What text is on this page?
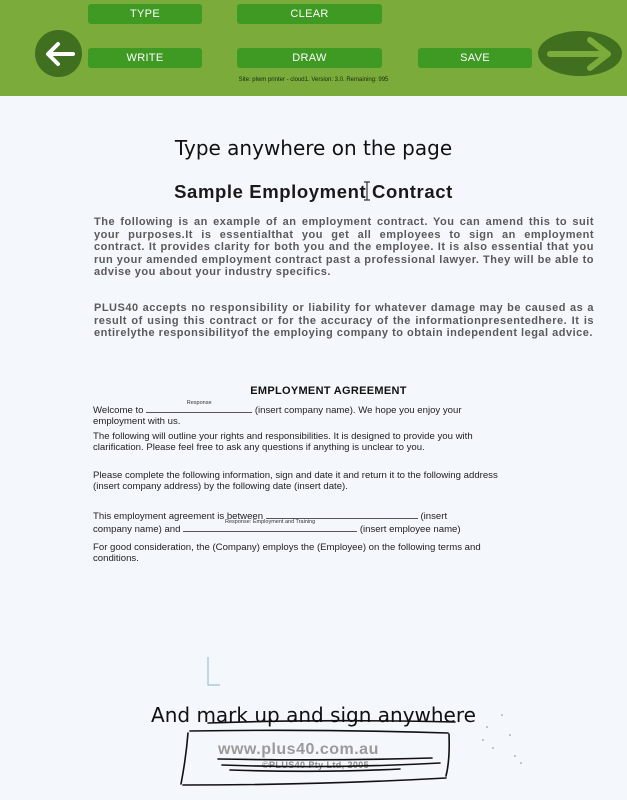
TYPE	CLEAR
WRITE	DRAW	SAVE
Site: plwm printer - cloud1. Version: 3.0. Remaining: 995
Type anywhere on the page
Sample Employment Contract

The following is an example of an employment contract. You can amend this to suit your purposes.It is essentialthat you get all employees to sign an employment contract. It provides clarity for both you and the employee. It is also essential that you run your amended employment contract past a professional lawyer. They will be able to advise you about your industry specifics.

PLUS40 accepts no responsibility or liability for whatever damage may be caused as a result of using this contract or for the accuracy of the informationpresentedhere. It is entirelythe responsibilityof the employing company to obtain independent legal advice.

EMPLOYMENT AGREEMENT

Welcome to
Response
(insert company name). We hope you enjoy your employment with us.

The following will outline your rights and responsibilities. It is designed to provide you with clarification. Please feel free to ask any questions if anything is unclear to you.

Please complete the following information, sign and date it and return it to the following address (insert company address) by the following date (insert date).

This employment agreement is between	(insert
company name) and
Response: Employment and Training
(insert employee name)

For good consideration, the (Company) employs the (Employee) on the following terms and conditions.

And mark up and sign anywhere
www.plus40.com.au
©PLUS40 Pty Ltd, 2005
